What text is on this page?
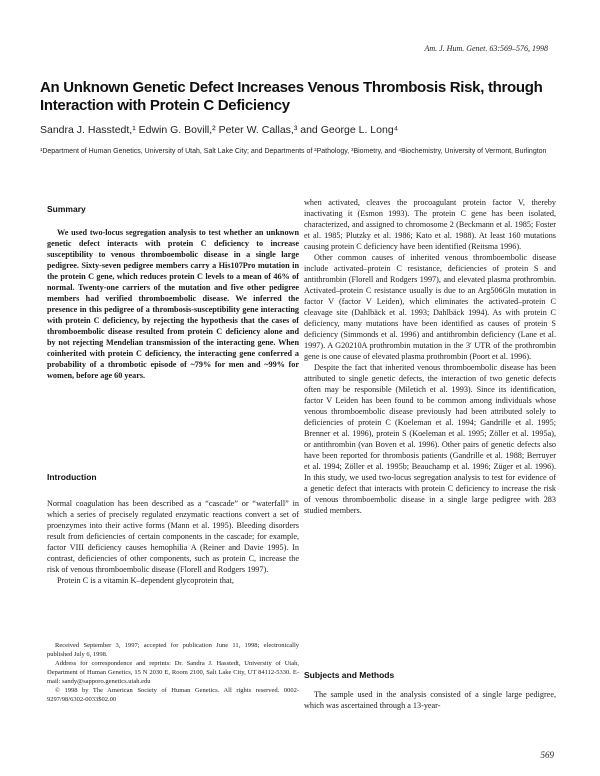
Am. J. Hum. Genet. 63:569–576, 1998
An Unknown Genetic Defect Increases Venous Thrombosis Risk, through Interaction with Protein C Deficiency
Sandra J. Hasstedt,¹ Edwin G. Bovill,² Peter W. Callas,³ and George L. Long⁴
¹Department of Human Genetics, University of Utah, Salt Lake City; and Departments of ²Pathology, ³Biometry, and ⁴Biochemistry, University of Vermont, Burlington
Summary

We used two-locus segregation analysis to test whether an unknown genetic defect interacts with protein C deficiency to increase susceptibility to venous thromboembolic disease in a single large pedigree. Sixty-seven pedigree members carry a His107Pro mutation in the protein C gene, which reduces protein C levels to a mean of 46% of normal. Twenty-one carriers of the mutation and five other pedigree members had verified thromboembolic disease. We inferred the presence in this pedigree of a thrombosis-susceptibility gene interacting with protein C deficiency, by rejecting the hypothesis that the cases of thromboembolic disease resulted from protein C deficiency alone and by not rejecting Mendelian transmission of the interacting gene. When coinherited with protein C deficiency, the interacting gene conferred a probability of a thrombotic episode of ~79% for men and ~99% for women, before age 60 years.

Introduction

Normal coagulation has been described as a “cascade” or “waterfall” in which a series of precisely regulated enzymatic reactions convert a set of proenzymes into their active forms (Mann et al. 1995). Bleeding disorders result from deficiencies of certain components in the cascade; for example, factor VIII deficiency causes hemophilia A (Reiner and Davie 1995). In contrast, deficiencies of other components, such as protein C, increase the risk of venous thromboembolic disease (Florell and Rodgers 1997).

Protein C is a vitamin K–dependent glycoprotein that,

Received September 3, 1997; accepted for publication June 11, 1998; electronically published July 6, 1998.

Address for correspondence and reprints: Dr. Sandra J. Hasstedt, University of Utah, Department of Human Genetics, 15 N 2030 E, Room 2100, Salt Lake City, UT 84112-5330. E-mail: sandy@sapporo.genetics.utah.edu

© 1998 by The American Society of Human Genetics. All rights reserved. 0002-9297/98/6302-0033$02.00

when activated, cleaves the procoagulant protein factor V, thereby inactivating it (Esmon 1993). The protein C gene has been isolated, characterized, and assigned to chromosome 2 (Beckmann et al. 1985; Foster et al. 1985; Plutzky et al. 1986; Kato et al. 1988). At least 160 mutations causing protein C deficiency have been identified (Reitsma 1996).

Other common causes of inherited venous thromboembolic disease include activated–protein C resistance, deficiencies of protein S and antithrombin (Florell and Rodgers 1997), and elevated plasma prothrombin. Activated–protein C resistance usually is due to an Arg506Gln mutation in factor V (factor V Leiden), which eliminates the activated–protein C cleavage site (Dahlbäck et al. 1993; Dahlbäck 1994). As with protein C deficiency, many mutations have been identified as causes of protein S deficiency (Simmonds et al. 1996) and antithrombin deficiency (Lane et al. 1997). A G20210A prothrombin mutation in the 3′ UTR of the prothrombin gene is one cause of elevated plasma prothrombin (Poort et al. 1996).

Despite the fact that inherited venous thromboembolic disease has been attributed to single genetic defects, the interaction of two genetic defects often may be responsible (Miletich et al. 1993). Since its identification, factor V Leiden has been found to be common among individuals whose venous thromboembolic disease previously had been attributed solely to deficiencies of protein C (Koeleman et al. 1994; Gandrille et al. 1995; Brenner et al. 1996), protein S (Koeleman et al. 1995; Zöller et al. 1995a), or antithrombin (van Boven et al. 1996). Other pairs of genetic defects also have been reported for thrombosis patients (Gandrille et al. 1988; Berruyer et al. 1994; Zöller et al. 1995b; Beauchamp et al. 1996; Züger et al. 1996). In this study, we used two-locus segregation analysis to test for evidence of a genetic defect that interacts with protein C deficiency to increase the risk of venous thromboembolic disease in a single large pedigree with 283 studied members.

Subjects and Methods

The sample used in the analysis consisted of a single large pedigree, which was ascertained through a 13-year-

569
